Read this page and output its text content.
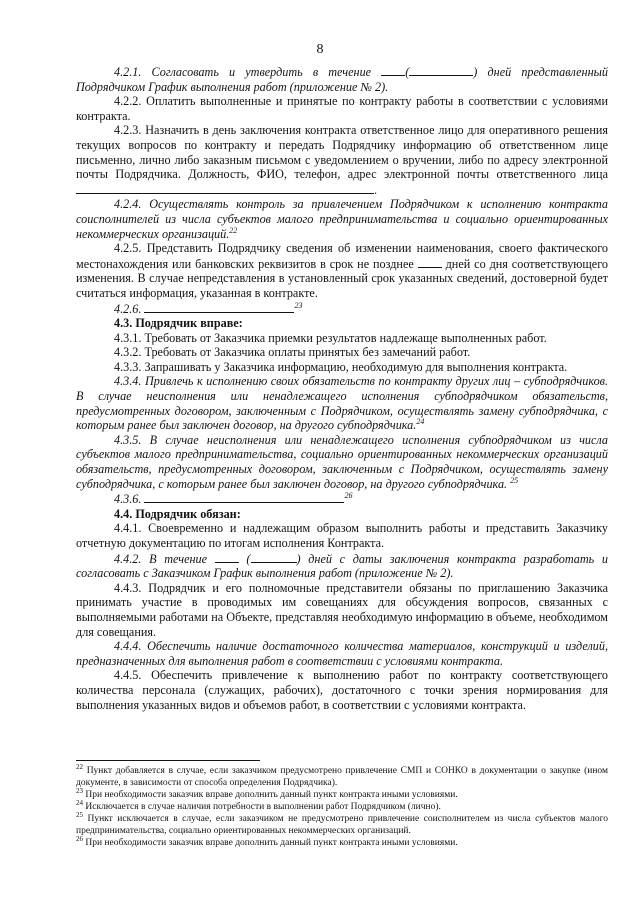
8

4.2.1. Согласовать и утвердить в течение (	) дней представленный Подрядчиком График выполнения работ (приложение № 2).

4.2.2. Оплатить выполненные и принятые по контракту работы в соответствии с условиями контракта.

4.2.3. Назначить в день заключения контракта ответственное лицо для оперативного решения текущих вопросов по контракту и передать Подрядчику информацию об ответственном лице письменно, лично либо заказным письмом с уведомлением о вручении, либо по адресу электронной почты Подрядчика. Должность, ФИО, телефон, адрес электронной почты ответственного лица.

4.2.4. Осуществлять контроль за привлечением Подрядчиком к исполнению контракта соисполнителей из числа субъектов малого предпринимательства и социально ориентированных некоммерческих организаций.$^{22}$

4.2.5. Представить Подрядчику сведения об изменении наименования, своего фактического местонахождения или банковских реквизитов в срок не позднее  дней со дня соответствующего изменения. В случае непредставления в установленный срок указанных сведений, достоверной будет считаться информация, указанная в контракте.

4.2.6.	$^{23}$

4.3. Подрядчик вправе:

4.3.1. Требовать от Заказчика приемки результатов надлежаще выполненных работ.

4.3.2. Требовать от Заказчика оплаты принятых без замечаний работ.

4.3.3. Запрашивать у Заказчика информацию, необходимую для выполнения контракта.

4.3.4. Привлечь к исполнению своих обязательств по контракту других лиц – субподрядчиков. В случае неисполнения или ненадлежащего исполнения субподрядчиком обязательств, предусмотренных договором, заключенным с Подрядчиком, осуществлять замену субподрядчика, с которым ранее был заключен договор, на другого субподрядчика.$^{24}$

4.3.5. В случае неисполнения или ненадлежащего исполнения субподрядчиком из числа субъектов малого предпринимательства, социально ориентированных некоммерческих организаций обязательств, предусмотренных договором, заключенным с Подрядчиком, осуществлять замену субподрядчика, с которым ранее был заключен договор, на другого субподрядчика. $^{25}$

4.3.6.	$^{26}$

4.4. Подрядчик обязан:

4.4.1. Своевременно и надлежащим образом выполнить работы и представить Заказчику отчетную документацию по итогам исполнения Контракта.

4.4.2. В течение  (	) дней с даты заключения контракта разработать и согласовать с Заказчиком График выполнения работ (приложение № 2).

4.4.3. Подрядчик и его полномочные представители обязаны по приглашению Заказчика принимать участие в проводимых им совещаниях для обсуждения вопросов, связанных с выполняемыми работами на Объекте, представляя необходимую информацию в объеме, необходимом для совещания.

4.4.4. Обеспечить наличие достаточного количества материалов, конструкций и изделий, предназначенных для выполнения работ в соответствии с условиями контракта.

4.4.5. Обеспечить привлечение к выполнению работ по контракту соответствующего количества персонала (служащих, рабочих), достаточного с точки зрения нормирования для выполнения указанных видов и объемов работ, в соответствии с условиями контракта.

$^{22}$ Пункт добавляется в случае, если заказчиком предусмотрено привлечение СМП и СОНКО в документации о закупке (ином документе, в зависимости от способа определения Подрядчика).

$^{23}$ При необходимости заказчик вправе дополнить данный пункт контракта иными условиями.

$^{24}$ Исключается в случае наличия потребности в выполнении работ Подрядчиком (лично).

$^{25}$ Пункт исключается в случае, если заказчиком не предусмотрено привлечение соисполнителем из числа субъектов малого предпринимательства, социально ориентированных некоммерческих организаций.

$^{26}$ При необходимости заказчик вправе дополнить данный пункт контракта иными условиями.
